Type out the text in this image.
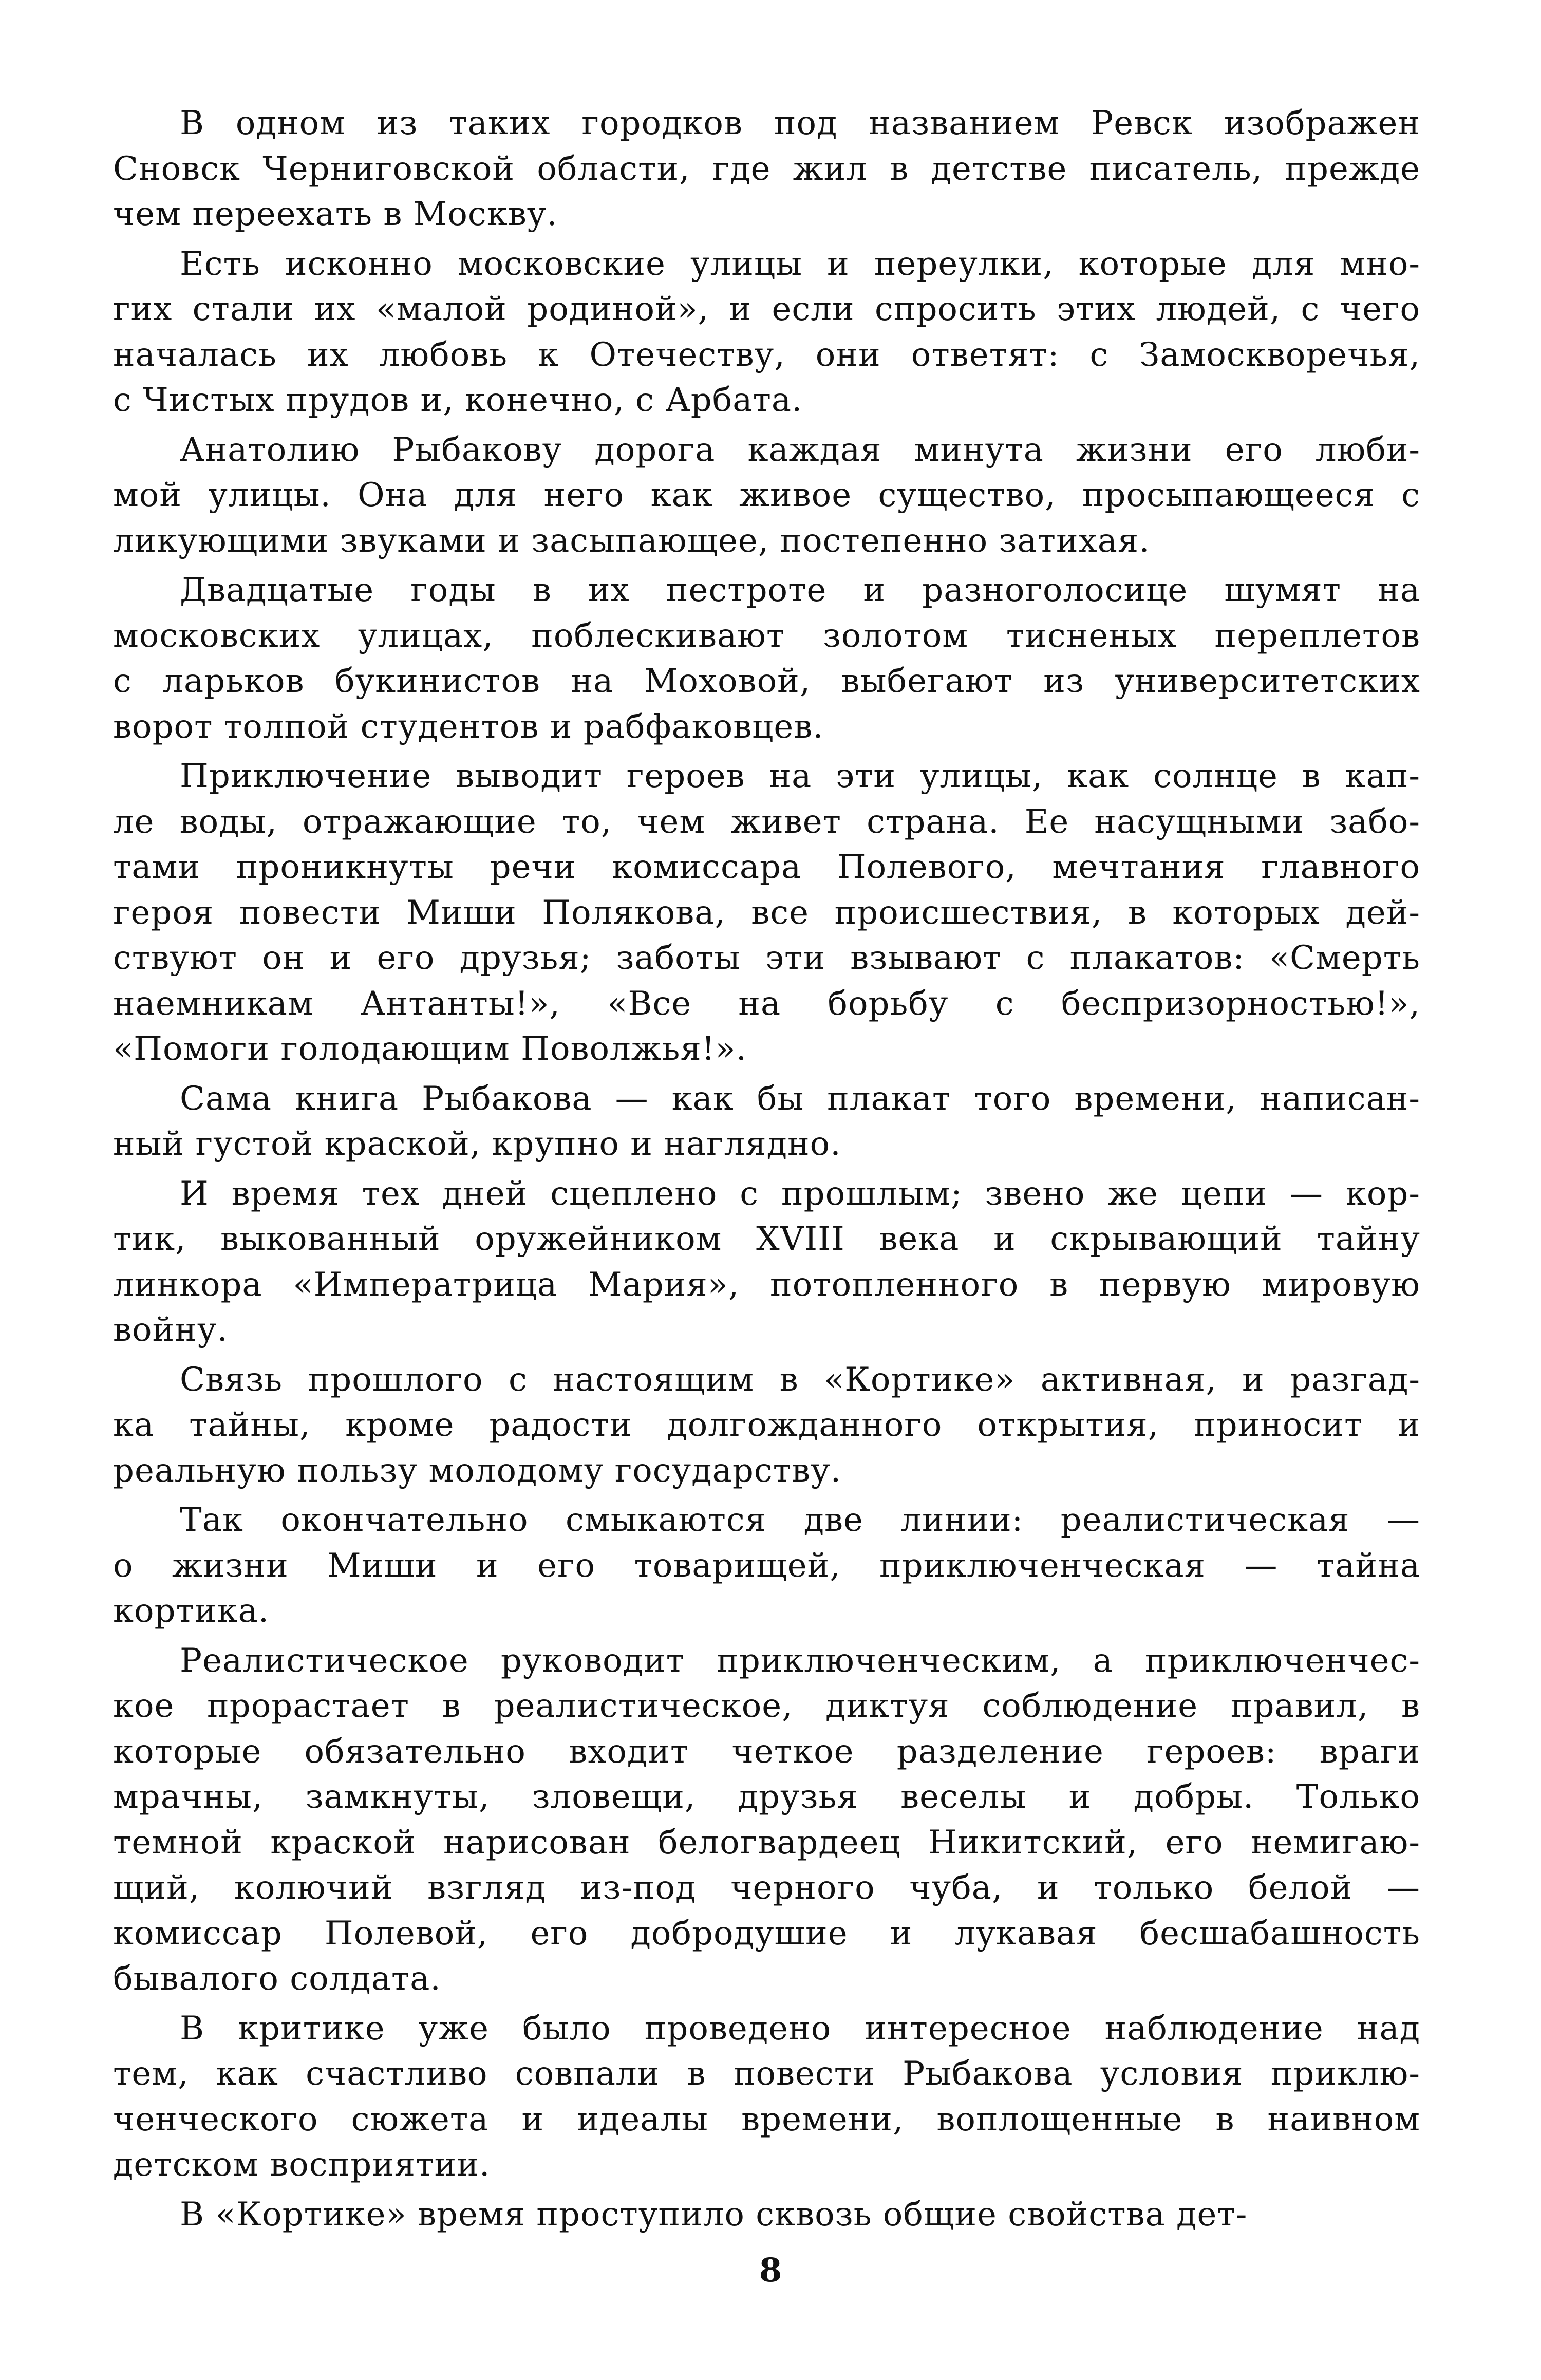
В одном из таких городков под названием Ревск изображен
Сновск Черниговской области, где жил в детстве писатель, прежде
чем переехать в Москву.
Есть исконно московские улицы и переулки, которые для мно-
гих стали их «малой родиной», и если спросить этих людей, с чего
началась их любовь к Отечеству, они ответят: с Замоскворечья,
с Чистых прудов и, конечно, с Арбата.
Анатолию Рыбакову дорога каждая минута жизни его люби-
мой улицы. Она для него как живое существо, просыпающееся с
ликующими звуками и засыпающее, постепенно затихая.
Двадцатые годы в их пестроте и разноголосице шумят на
московских улицах, поблескивают золотом тисненых переплетов
с ларьков букинистов на Моховой, выбегают из университетских
ворот толпой студентов и рабфаковцев.
Приключение выводит героев на эти улицы, как солнце в кап-
ле воды, отражающие то, чем живет страна. Ее насущными забо-
тами проникнуты речи комиссара Полевого, мечтания главного
героя повести Миши Полякова, все происшествия, в которых дей-
ствуют он и его друзья; заботы эти взывают с плакатов: «Смерть
наемникам Антанты!», «Все на борьбу с беспризорностью!»,
«Помоги голодающим Поволжья!».
Сама книга Рыбакова — как бы плакат того времени, написан-
ный густой краской, крупно и наглядно.
И время тех дней сцеплено с прошлым; звено же цепи — кор-
тик, выкованный оружейником XVIII века и скрывающий тайну
линкора «Императрица Мария», потопленного в первую мировую
войну.
Связь прошлого с настоящим в «Кортике» активная, и разгад-
ка тайны, кроме радости долгожданного открытия, приносит и
реальную пользу молодому государству.
Так окончательно смыкаются две линии: реалистическая —
о жизни Миши и его товарищей, приключенческая — тайна
кортика.
Реалистическое руководит приключенческим, а приключенчес-
кое прорастает в реалистическое, диктуя соблюдение правил, в
которые обязательно входит четкое разделение героев: враги
мрачны, замкнуты, зловещи, друзья веселы и добры. Только
темной краской нарисован белогвардеец Никитский, его немигаю-
щий, колючий взгляд из-под черного чуба, и только белой —
комиссар Полевой, его добродушие и лукавая бесшабашность
бывалого солдата.
В критике уже было проведено интересное наблюдение над
тем, как счастливо совпали в повести Рыбакова условия приклю-
ченческого сюжета и идеалы времени, воплощенные в наивном
детском восприятии.
В «Кортике» время проступило сквозь общие свойства дет-
8
